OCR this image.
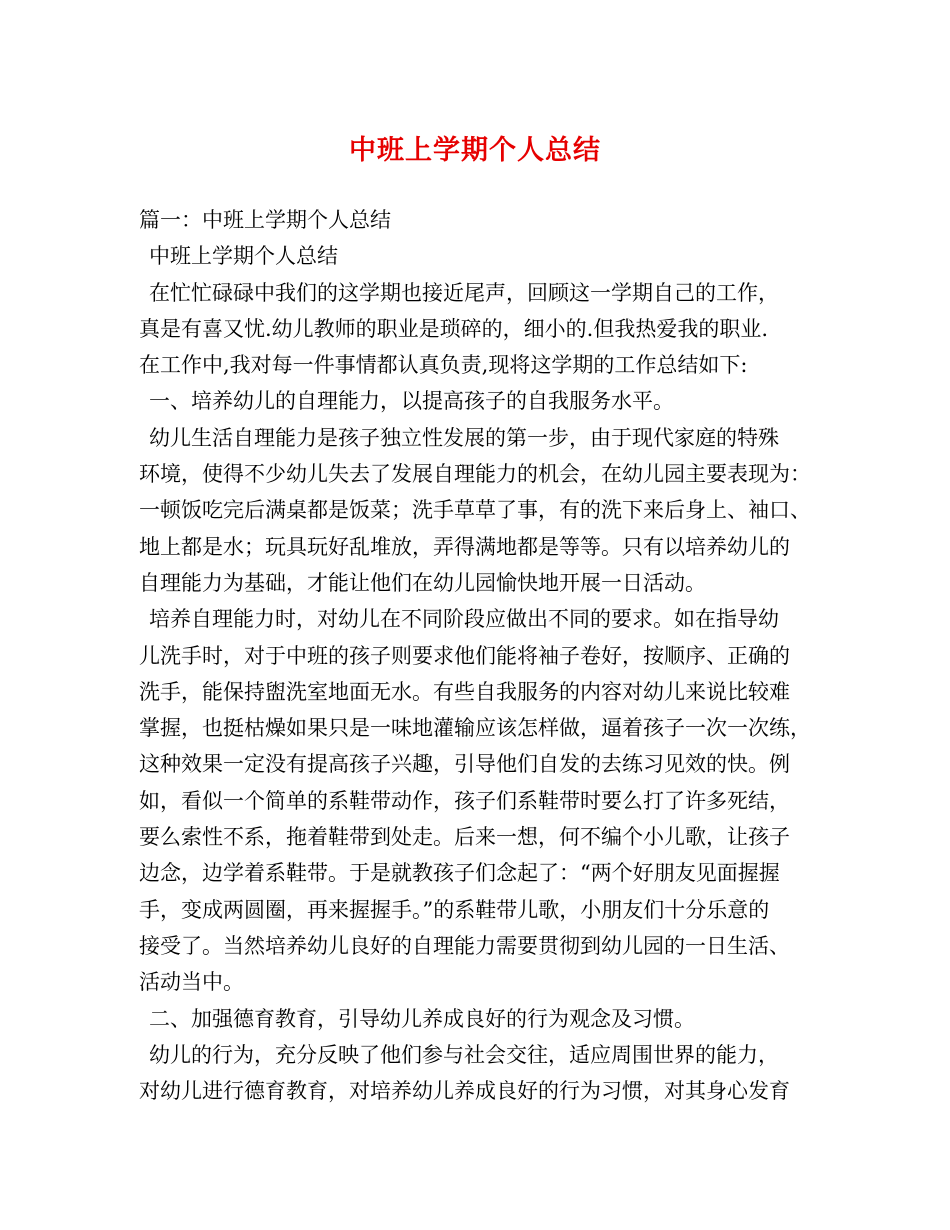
中班上学期个人总结
篇一：中班上学期个人总结
中班上学期个人总结
在忙忙碌碌中我们的这学期也接近尾声，回顾这一学期自己的工作，
真是有喜又忧.幼儿教师的职业是琐碎的，细小的.但我热爱我的职业.
在工作中,我对每一件事情都认真负责,现将这学期的工作总结如下:
一、培养幼儿的自理能力，以提高孩子的自我服务水平。
幼儿生活自理能力是孩子独立性发展的第一步，由于现代家庭的特殊
环境，使得不少幼儿失去了发展自理能力的机会，在幼儿园主要表现为：
一顿饭吃完后满桌都是饭菜；洗手草草了事，有的洗下来后身上、袖口、
地上都是水；玩具玩好乱堆放，弄得满地都是等等。只有以培养幼儿的
自理能力为基础，才能让他们在幼儿园愉快地开展一日活动。
培养自理能力时，对幼儿在不同阶段应做出不同的要求。如在指导幼
儿洗手时，对于中班的孩子则要求他们能将袖子卷好，按顺序、正确的
洗手，能保持盥洗室地面无水。有些自我服务的内容对幼儿来说比较难
掌握，也挺枯燥如果只是一味地灌输应该怎样做，逼着孩子一次一次练，
这种效果一定没有提高孩子兴趣，引导他们自发的去练习见效的快。例
如，看似一个简单的系鞋带动作，孩子们系鞋带时要么打了许多死结，
要么索性不系，拖着鞋带到处走。后来一想，何不编个小儿歌，让孩子
边念，边学着系鞋带。于是就教孩子们念起了：“两个好朋友见面握握
手，变成两圆圈，再来握握手。”的系鞋带儿歌，小朋友们十分乐意的
接受了。当然培养幼儿良好的自理能力需要贯彻到幼儿园的一日生活、
活动当中。
二、加强德育教育，引导幼儿养成良好的行为观念及习惯。
幼儿的行为，充分反映了他们参与社会交往，适应周围世界的能力，
对幼儿进行德育教育，对培养幼儿养成良好的行为习惯，对其身心发育
